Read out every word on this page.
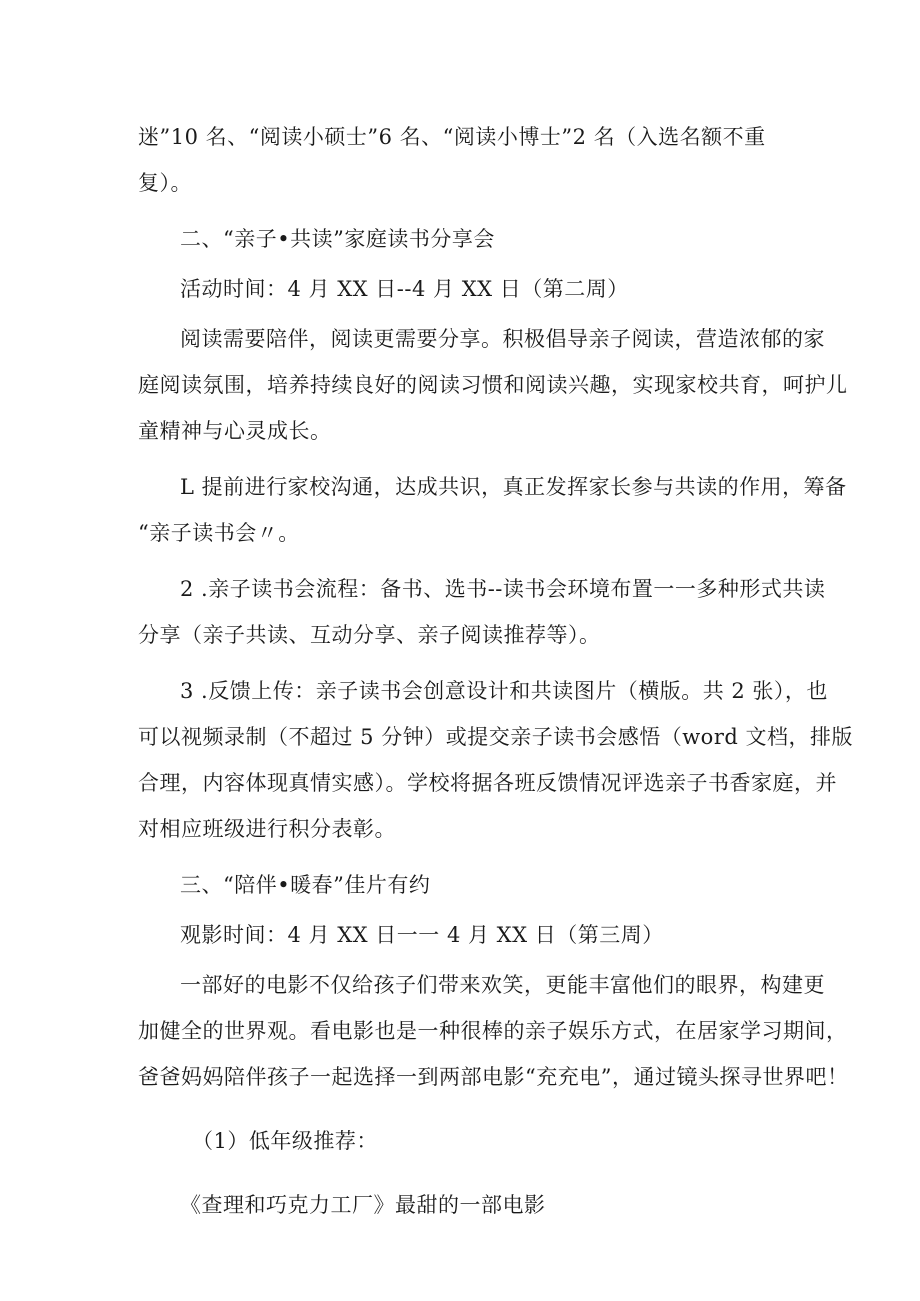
迷”10 名、“阅读小硕士”6 名、“阅读小博士”2 名（入选名额不重
复）。
二、“亲子•共读”家庭读书分享会
活动时间：4 月 XX 日--4 月 XX 日（第二周）
阅读需要陪伴，阅读更需要分享。积极倡导亲子阅读，营造浓郁的家
庭阅读氛围，培养持续良好的阅读习惯和阅读兴趣，实现家校共育，呵护儿
童精神与心灵成长。
L 提前进行家校沟通，达成共识，真正发挥家长参与共读的作用，筹备
“亲子读书会〃。
2 .亲子读书会流程：备书、选书--读书会环境布置一一多种形式共读
分享（亲子共读、互动分享、亲子阅读推荐等）。
3 .反馈上传：亲子读书会创意设计和共读图片（横版。共 2 张），也
可以视频录制（不超过 5 分钟）或提交亲子读书会感悟（word 文档，排版
合理，内容体现真情实感）。学校将据各班反馈情况评选亲子书香家庭，并
对相应班级进行积分表彰。
三、“陪伴•暖春”佳片有约
观影时间：4 月 XX 日一一 4 月 XX 日（第三周）
一部好的电影不仅给孩子们带来欢笑，更能丰富他们的眼界，构建更
加健全的世界观。看电影也是一种很棒的亲子娱乐方式，在居家学习期间，
爸爸妈妈陪伴孩子一起选择一到两部电影“充充电”，通过镜头探寻世界吧！
（1）低年级推荐：
《查理和巧克力工厂》最甜的一部电影
